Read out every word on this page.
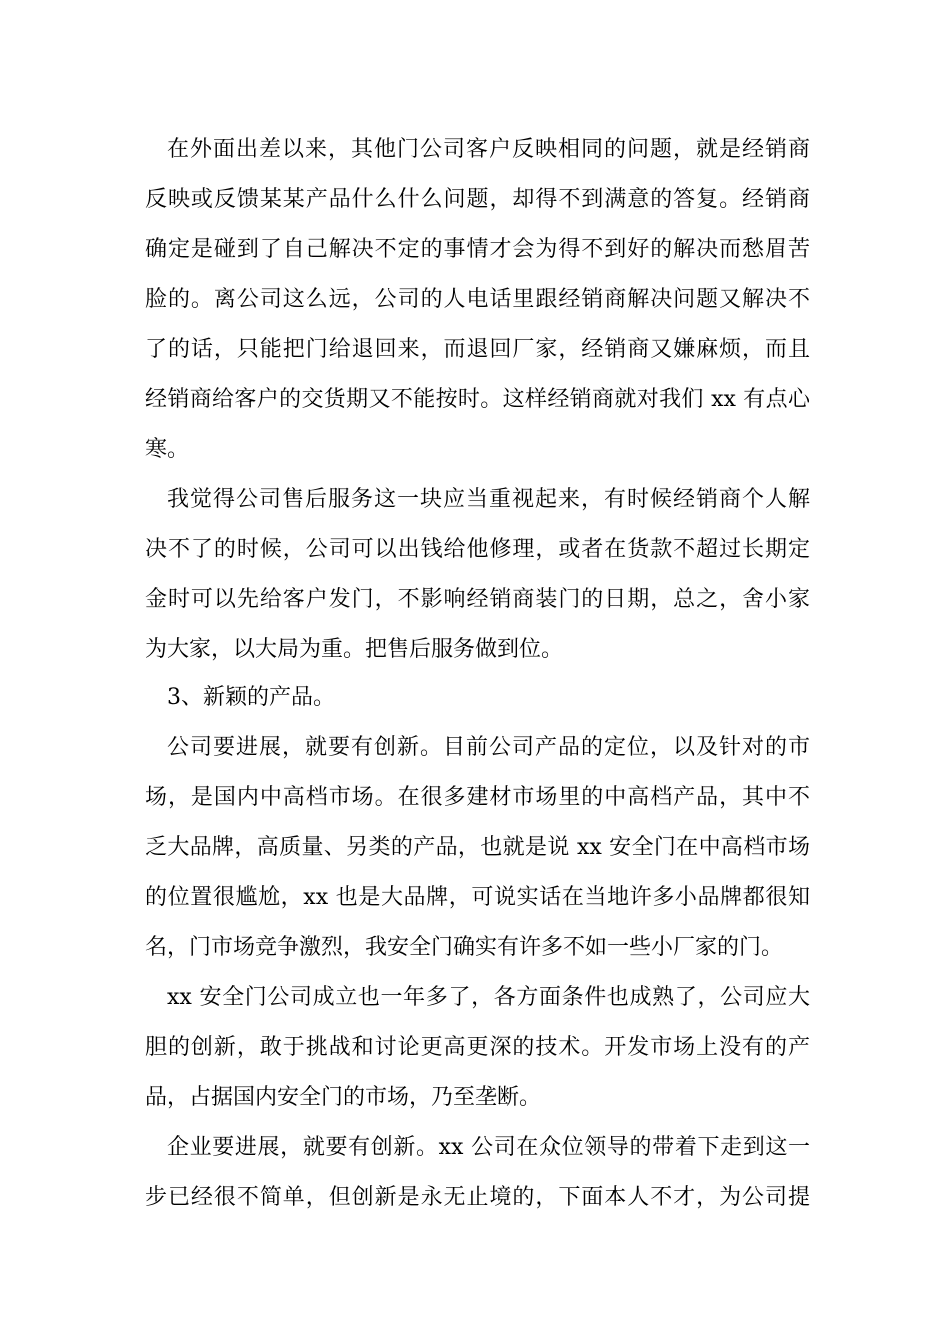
在外面出差以来，其他门公司客户反映相同的问题，就是经销商

反映或反馈某某产品什么什么问题，却得不到满意的答复。经销商

确定是碰到了自己解决不定的事情才会为得不到好的解决而愁眉苦

脸的。离公司这么远，公司的人电话里跟经销商解决问题又解决不

了的话，只能把门给退回来，而退回厂家，经销商又嫌麻烦，而且

经销商给客户的交货期又不能按时。这样经销商就对我们 xx 有点心

寒。

我觉得公司售后服务这一块应当重视起来，有时候经销商个人解

决不了的时候，公司可以出钱给他修理，或者在货款不超过长期定

金时可以先给客户发门，不影响经销商装门的日期，总之，舍小家

为大家，以大局为重。把售后服务做到位。

3、新颖的产品。

公司要进展，就要有创新。目前公司产品的定位，以及针对的市

场，是国内中高档市场。在很多建材市场里的中高档产品，其中不

乏大品牌，高质量、另类的产品，也就是说 xx 安全门在中高档市场

的位置很尴尬，xx 也是大品牌，可说实话在当地许多小品牌都很知

名，门市场竞争激烈，我安全门确实有许多不如一些小厂家的门。

xx 安全门公司成立也一年多了，各方面条件也成熟了，公司应大

胆的创新，敢于挑战和讨论更高更深的技术。开发市场上没有的产

品，占据国内安全门的市场，乃至垄断。

企业要进展，就要有创新。xx 公司在众位领导的带着下走到这一

步已经很不简单，但创新是永无止境的，下面本人不才，为公司提
